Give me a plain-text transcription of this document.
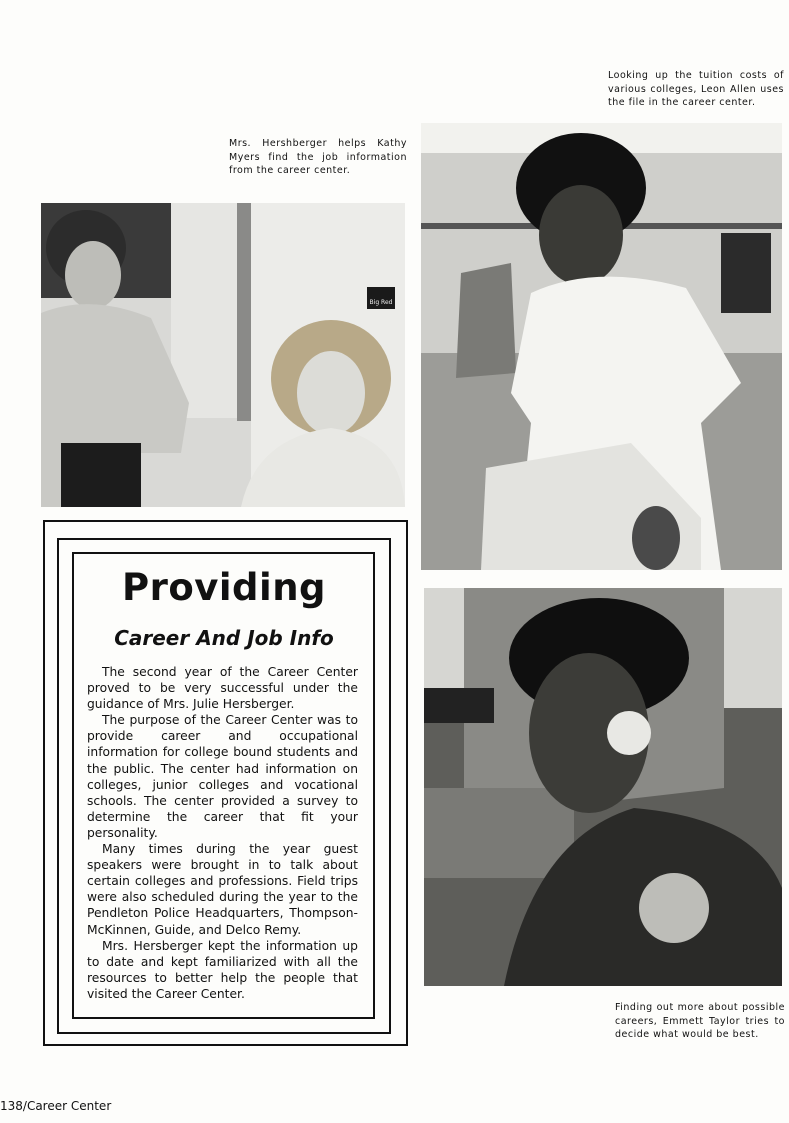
Looking up the tuition costs of various colleges, Leon Allen uses the file in the career center.
Mrs. Hershberger helps Kathy Myers find the job information from the career center.
Finding out more about possible careers, Emmett Taylor tries to decide what would be best.
Big Red
Providing
Career And Job Info

The second year of the Career Center proved to be very successful under the guidance of Mrs. Julie Hersberger.

The purpose of the Career Center was to provide career and occupational information for college bound students and the public. The center had information on colleges, junior colleges and vocational schools. The center provided a survey to determine the career that fit your personality.

Many times during the year guest speakers were brought in to talk about certain colleges and professions. Field trips were also scheduled during the year to the Pendleton Police Headquarters, Thompson-McKinnen, Guide, and Delco Remy.

Mrs. Hersberger kept the information up to date and kept familiarized with all the resources to better help the people that visited the Career Center.

138/Career Center
